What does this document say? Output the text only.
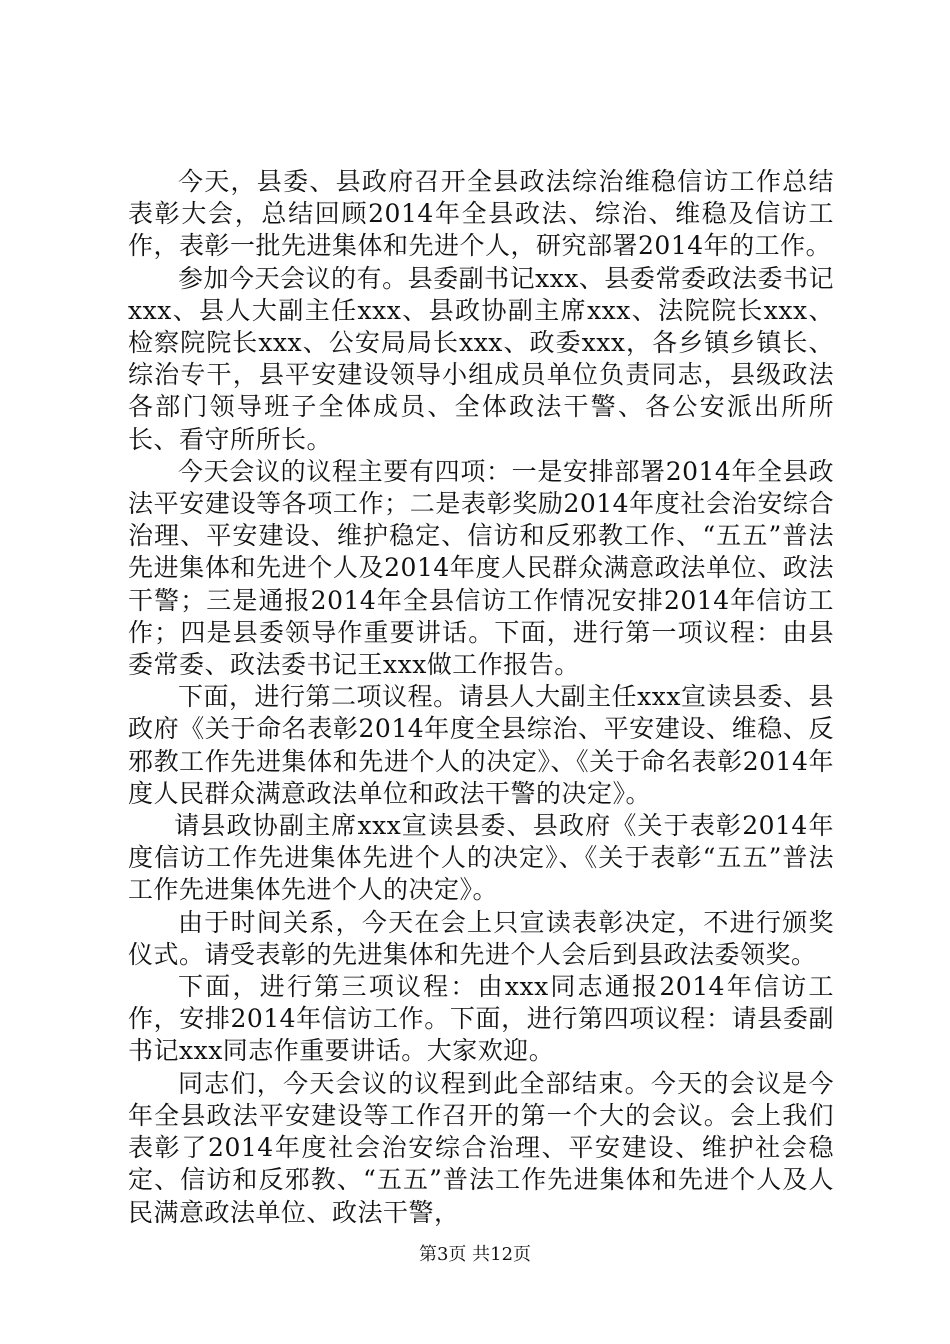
今天，县委、县政府召开全县政法综治维稳信访工作总结表彰大会，总结回顾2014年全县政法、综治、维稳及信访工作，表彰一批先进集体和先进个人，研究部署2014年的工作。

参加今天会议的有。县委副书记xxx、县委常委政法委书记xxx、县人大副主任xxx、县政协副主席xxx、法院院长xxx、检察院院长xxx、公安局局长xxx、政委xxx，各乡镇乡镇长、综治专干，县平安建设领导小组成员单位负责同志，县级政法各部门领导班子全体成员、全体政法干警、各公安派出所所长、看守所所长。

今天会议的议程主要有四项：一是安排部署2014年全县政法平安建设等各项工作；二是表彰奖励2014年度社会治安综合治理、平安建设、维护稳定、信访和反邪教工作、“五五”普法先进集体和先进个人及2014年度人民群众满意政法单位、政法干警；三是通报2014年全县信访工作情况安排2014年信访工作；四是县委领导作重要讲话。下面，进行第一项议程：由县委常委、政法委书记王xxx做工作报告。

下面，进行第二项议程。请县人大副主任xxx宣读县委、县政府《关于命名表彰2014年度全县综治、平安建设、维稳、反邪教工作先进集体和先进个人的决定》、《关于命名表彰2014年度人民群众满意政法单位和政法干警的决定》。

请县政协副主席xxx宣读县委、县政府《关于表彰2014年度信访工作先进集体先进个人的决定》、《关于表彰“五五”普法工作先进集体先进个人的决定》。

由于时间关系，今天在会上只宣读表彰决定，不进行颁奖仪式。请受表彰的先进集体和先进个人会后到县政法委领奖。

下面，进行第三项议程：由xxx同志通报2014年信访工作，安排2014年信访工作。下面，进行第四项议程：请县委副书记xxx同志作重要讲话。大家欢迎。

同志们，今天会议的议程到此全部结束。今天的会议是今年全县政法平安建设等工作召开的第一个大的会议。会上我们表彰了2014年度社会治安综合治理、平安建设、维护社会稳定、信访和反邪教、“五五”普法工作先进集体和先进个人及人民满意政法单位、政法干警，

第3页 共12页
